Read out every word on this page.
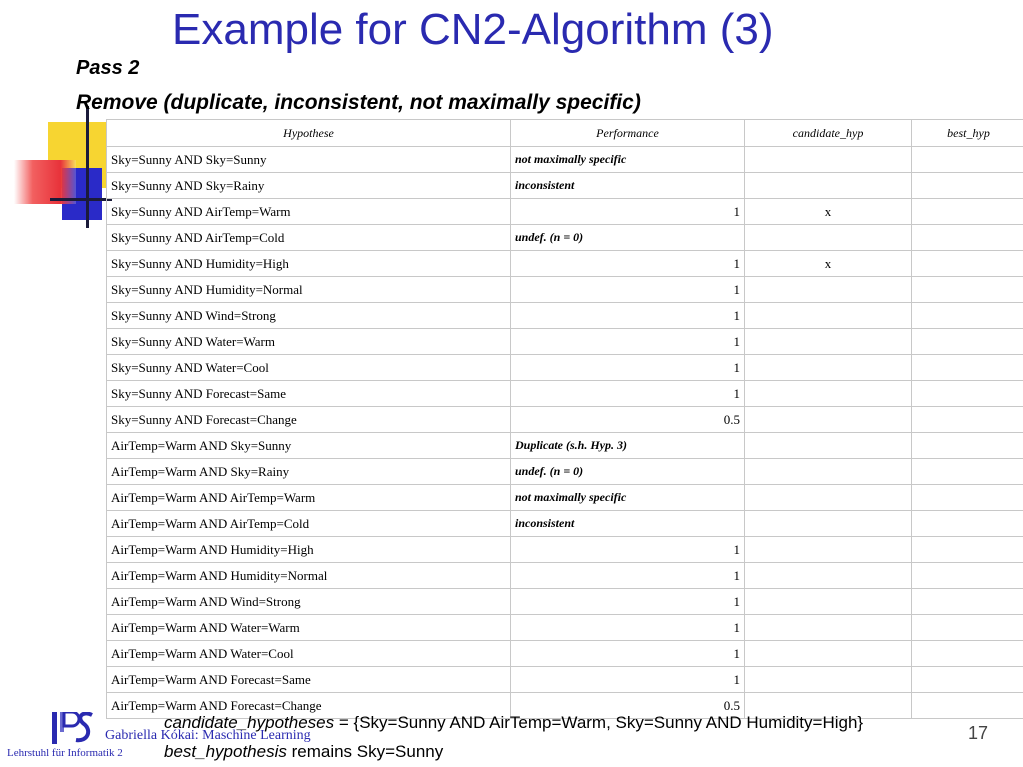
Example for CN2-Algorithm (3)
Pass 2
Remove (duplicate, inconsistent, not maximally specific)
Hypothese	Performance	candidate_hyp	best_hyp
Sky=Sunny AND Sky=Sunny	not maximally specific		
Sky=Sunny AND Sky=Rainy	inconsistent		
Sky=Sunny AND AirTemp=Warm	1	x	
Sky=Sunny AND AirTemp=Cold	undef. (n = 0)		
Sky=Sunny AND Humidity=High	1	x	
Sky=Sunny AND Humidity=Normal	1		
Sky=Sunny AND Wind=Strong	1		
Sky=Sunny AND Water=Warm	1		
Sky=Sunny AND Water=Cool	1		
Sky=Sunny AND Forecast=Same	1		
Sky=Sunny AND Forecast=Change	0.5		
AirTemp=Warm AND Sky=Sunny	Duplicate (s.h. Hyp. 3)		
AirTemp=Warm AND Sky=Rainy	undef. (n = 0)		
AirTemp=Warm AND AirTemp=Warm	not maximally specific		
AirTemp=Warm AND AirTemp=Cold	inconsistent		
AirTemp=Warm AND Humidity=High	1		
AirTemp=Warm AND Humidity=Normal	1		
AirTemp=Warm AND Wind=Strong	1		
AirTemp=Warm AND Water=Warm	1		
AirTemp=Warm AND Water=Cool	1		
AirTemp=Warm AND Forecast=Same	1		
AirTemp=Warm AND Forecast=Change	0.5		
candidate_hypotheses = {Sky=Sunny AND AirTemp=Warm, Sky=Sunny AND Humidity=High}
best_hypothesis remains Sky=Sunny
Gabriella Kókai: Maschine Learning
Lehrstuhl für Informatik 2
17
